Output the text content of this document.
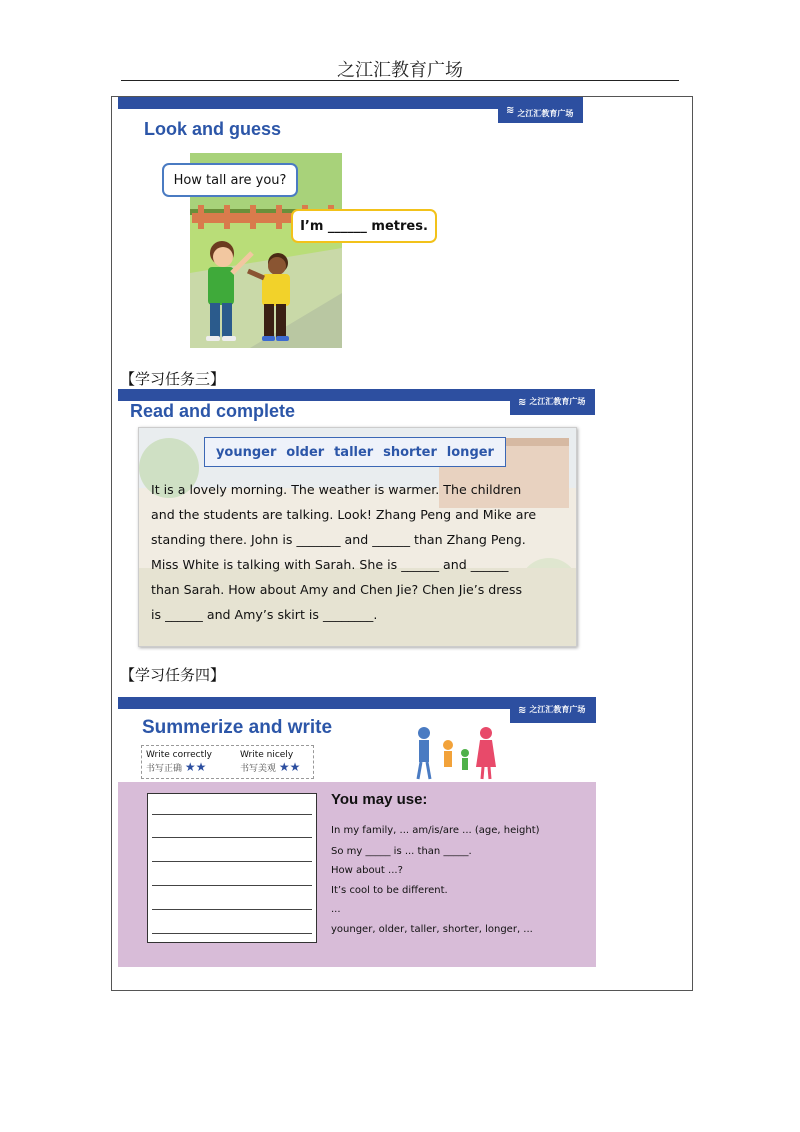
之江汇教育广场
≋ 之江汇教育广场
Look and guess
How tall are you?
I’m ______ metres.
【学习任务三】
≋ 之江汇教育广场
Read and complete
younger older taller shorter longer
It is a lovely morning. The weather is warmer. The children
and the students are talking. Look! Zhang Peng and Mike are
standing there. John is _______ and ______ than Zhang Peng.
Miss White is talking with Sarah. She is ______ and ______
than Sarah. How about Amy and Chen Jie? Chen Jie’s dress
is ______ and Amy’s skirt is ________.
【学习任务四】
≋ 之江汇教育广场
Summerize and write
Write correctly
书写正确 ★★
Write nicely
书写美观 ★★
You may use:
In my family, ... am/is/are ... (age, height)
So my _____ is ... than _____.
How about ...?
It’s cool to be different.
...
younger, older, taller, shorter, longer, ...
